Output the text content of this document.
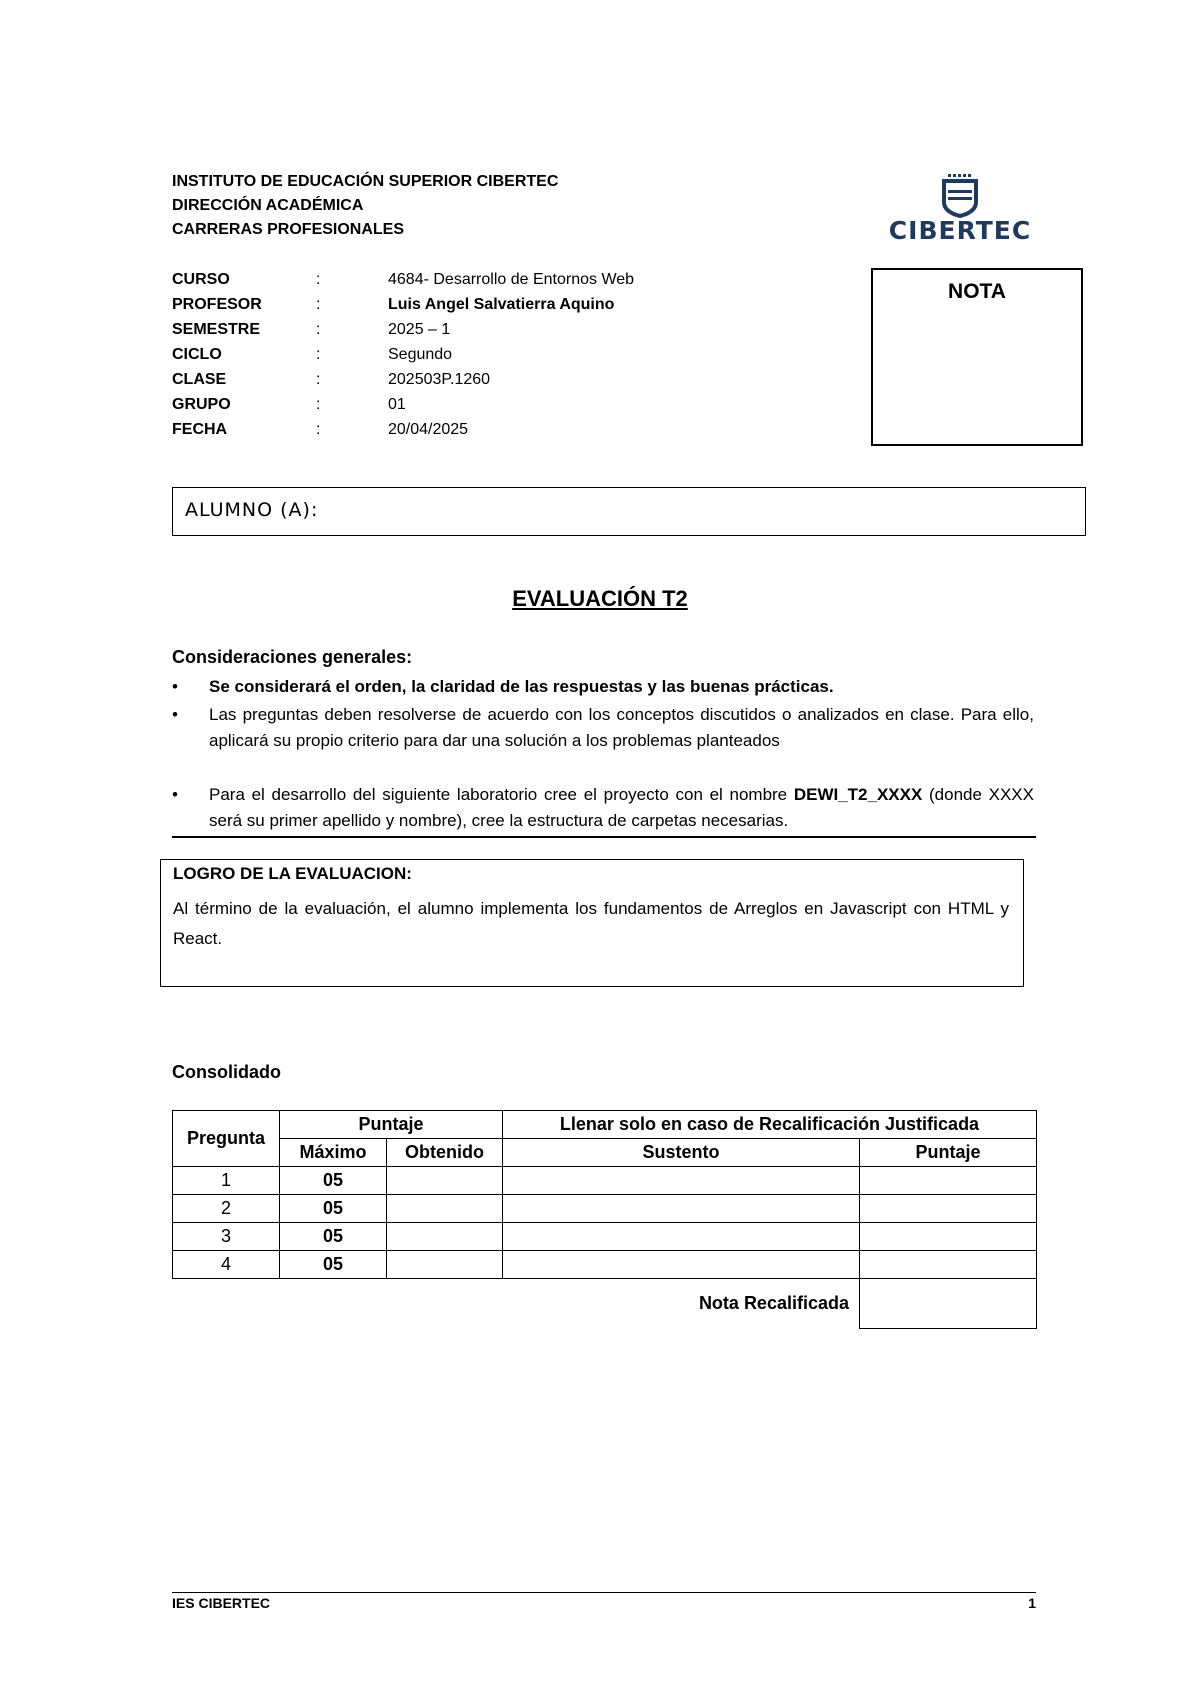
INSTITUTO DE EDUCACIÓN SUPERIOR CIBERTEC
DIRECCIÓN ACADÉMICA
CARRERAS PROFESIONALES	CIBERTEC
CURSO	:	4684- Desarrollo de Entornos Web
PROFESOR	:	Luis Angel Salvatierra Aquino
SEMESTRE	:	2025 – 1
CICLO	:	Segundo
CLASE	:	202503P.1260
GRUPO	:	01
FECHA	:	20/04/2025
NOTA
ALUMNO (A):
EVALUACIÓN T2
Consideraciones generales:
• Se considerará el orden, la claridad de las respuestas y las buenas prácticas.
• Las preguntas deben resolverse de acuerdo con los conceptos discutidos o analizados en clase. Para ello, aplicará su propio criterio para dar una solución a los problemas planteados
• Para el desarrollo del siguiente laboratorio cree el proyecto con el nombre DEWI_T2_XXXX (donde XXXX será su primer apellido y nombre), cree la estructura de carpetas necesarias.
LOGRO DE LA EVALUACION:
Al término de la evaluación, el alumno implementa los fundamentos de Arreglos en Javascript con HTML y React.
Consolidado
Pregunta	Puntaje		Llenar solo en caso de Recalificación Justificada	
	Máximo	Obtenido	Sustento	Puntaje
1	05			
2	05			
3	05			
4	05			
Nota Recalificada				
IES CIBERTEC	1
